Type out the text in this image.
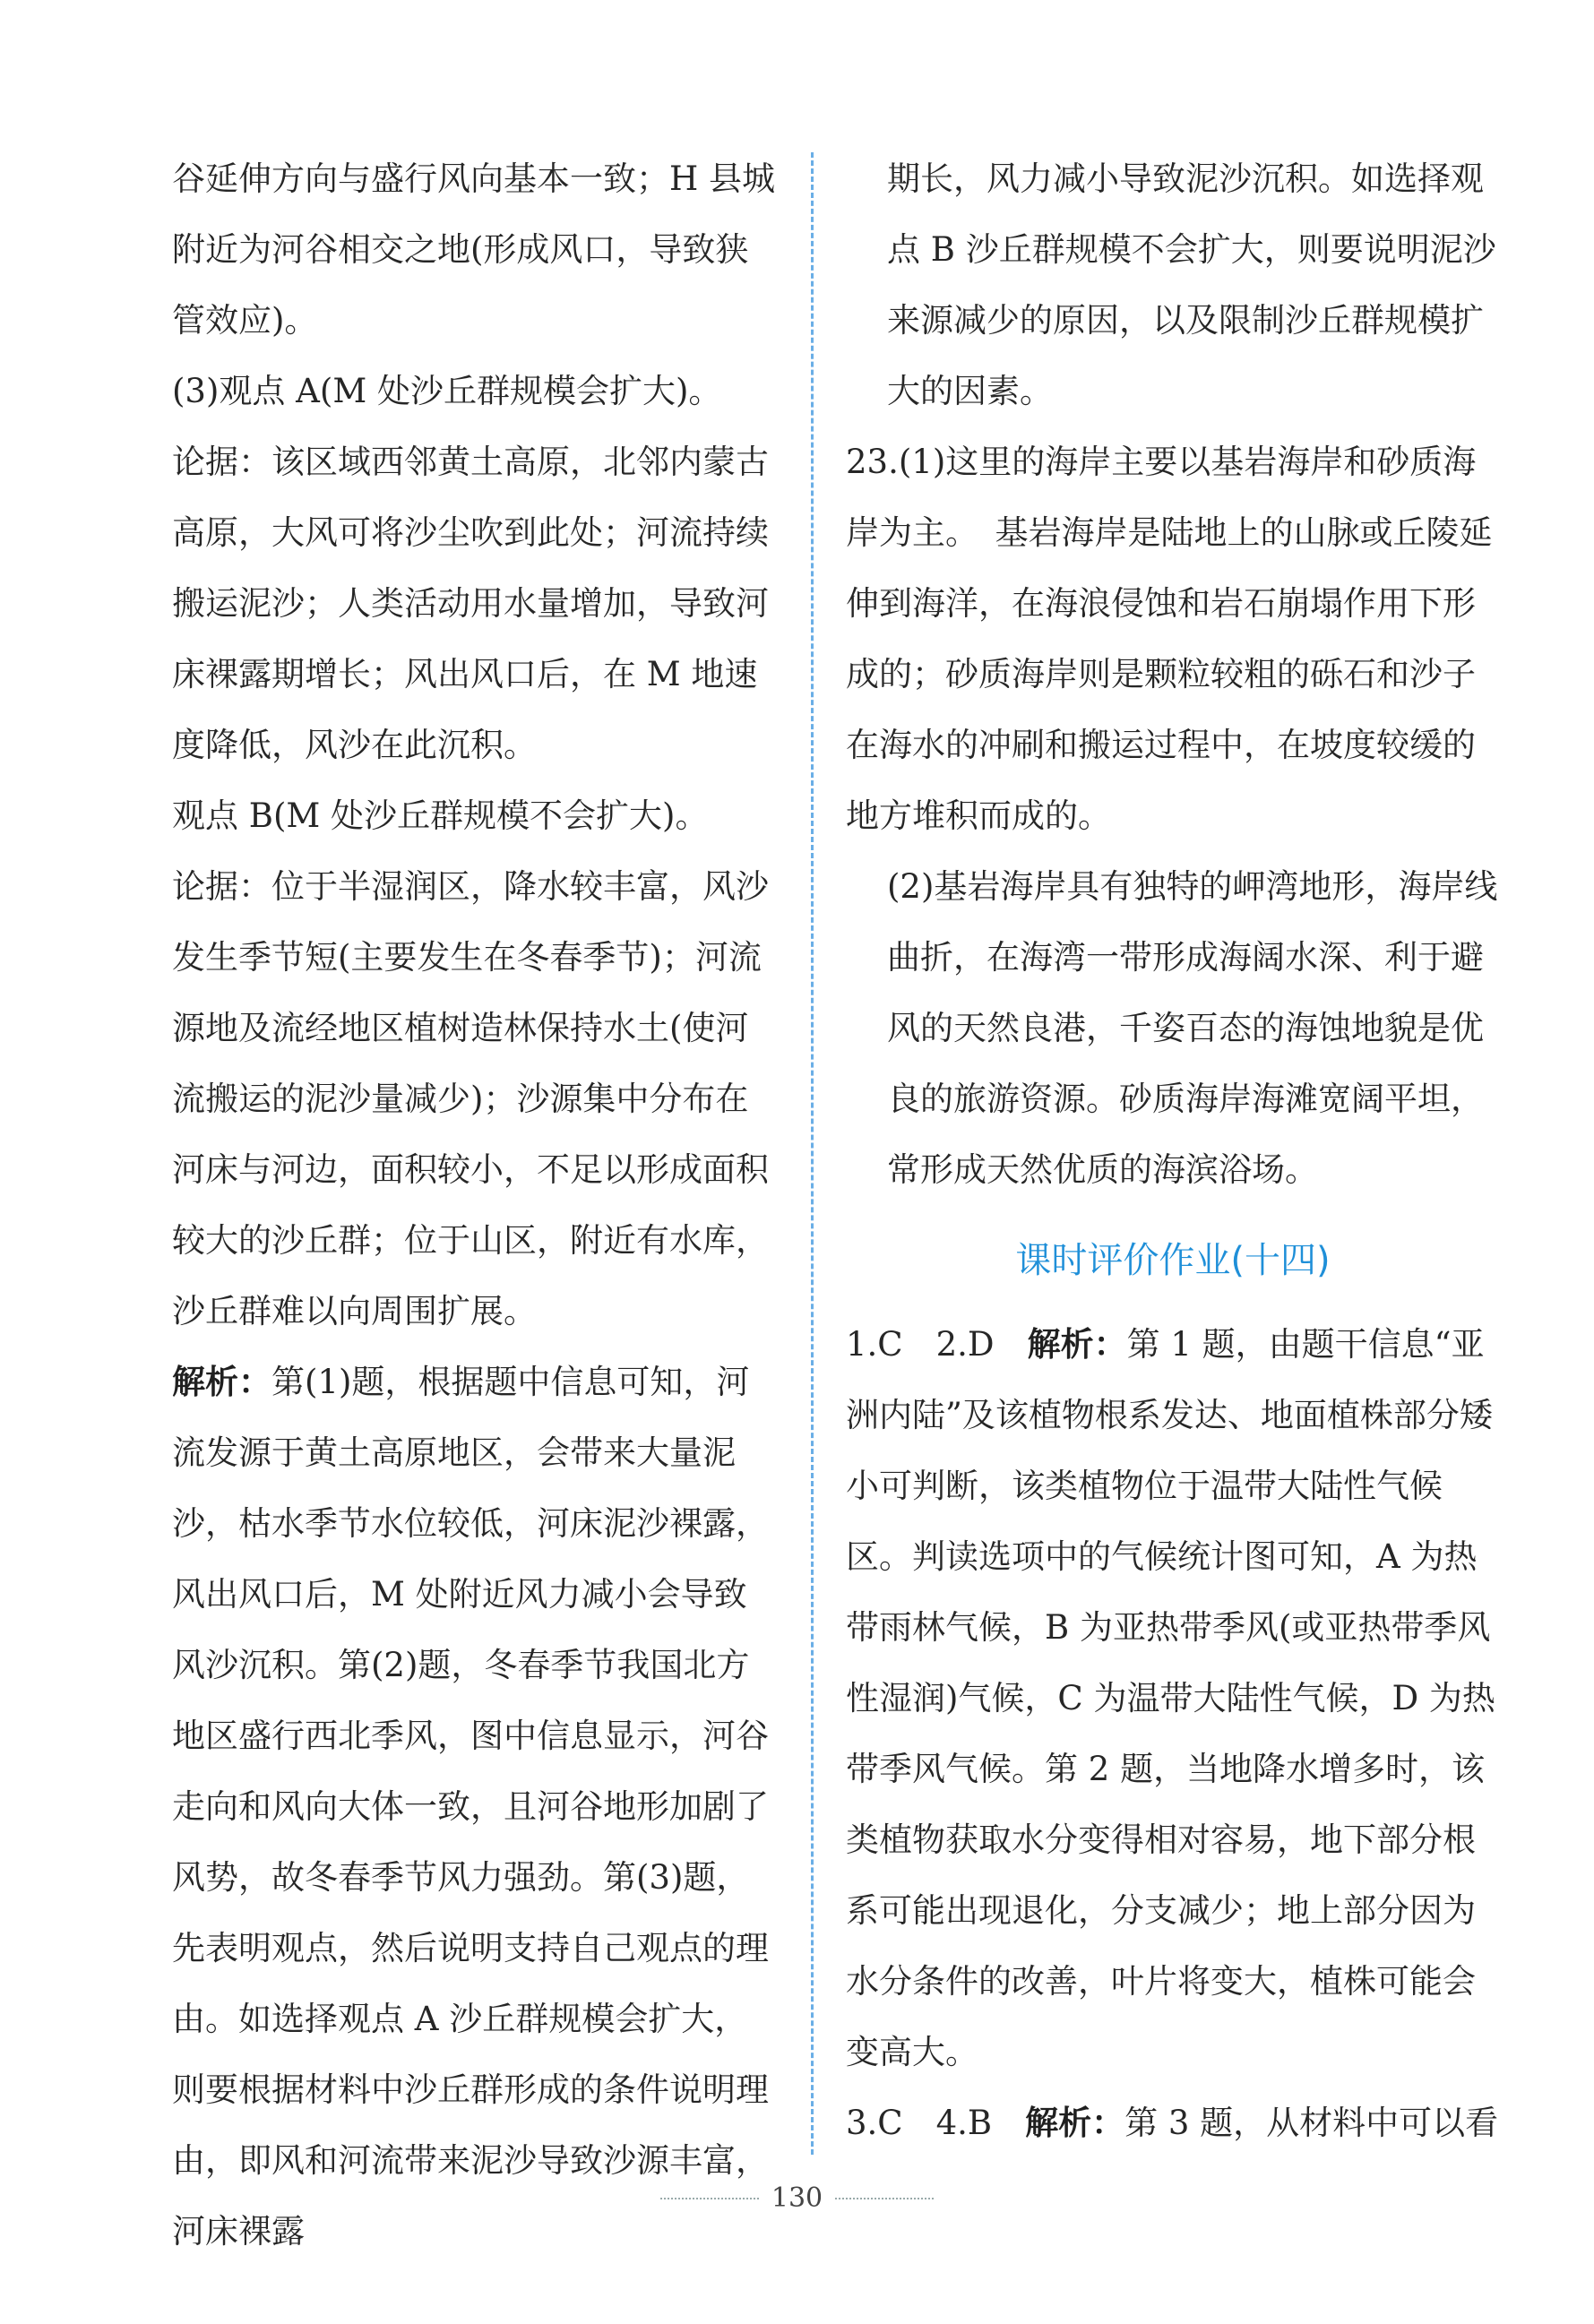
谷延伸方向与盛行风向基本一致；H 县城附近为河谷相交之地(形成风口，导致狭管效应)。

(3)观点 A(M 处沙丘群规模会扩大)。

论据：该区域西邻黄土高原，北邻内蒙古高原，大风可将沙尘吹到此处；河流持续搬运泥沙；人类活动用水量增加，导致河床裸露期增长；风出风口后，在 M 地速度降低，风沙在此沉积。

观点 B(M 处沙丘群规模不会扩大)。

论据：位于半湿润区，降水较丰富，风沙发生季节短(主要发生在冬春季节)；河流源地及流经地区植树造林保持水土(使河流搬运的泥沙量减少)；沙源集中分布在河床与河边，面积较小，不足以形成面积较大的沙丘群；位于山区，附近有水库，沙丘群难以向周围扩展。

解析：第(1)题，根据题中信息可知，河流发源于黄土高原地区，会带来大量泥沙，枯水季节水位较低，河床泥沙裸露，风出风口后，M 处附近风力减小会导致风沙沉积。第(2)题，冬春季节我国北方地区盛行西北季风，图中信息显示，河谷走向和风向大体一致，且河谷地形加剧了风势，故冬春季节风力强劲。第(3)题，先表明观点，然后说明支持自己观点的理由。如选择观点 A 沙丘群规模会扩大，则要根据材料中沙丘群形成的条件说明理由，即风和河流带来泥沙导致沙源丰富，河床裸露

期长，风力减小导致泥沙沉积。如选择观点 B 沙丘群规模不会扩大，则要说明泥沙来源减少的原因，以及限制沙丘群规模扩大的因素。

23.(1)这里的海岸主要以基岩海岸和砂质海岸为主。　基岩海岸是陆地上的山脉或丘陵延伸到海洋，在海浪侵蚀和岩石崩塌作用下形成的；砂质海岸则是颗粒较粗的砾石和沙子在海水的冲刷和搬运过程中，在坡度较缓的地方堆积而成的。

(2)基岩海岸具有独特的岬湾地形，海岸线曲折，在海湾一带形成海阔水深、利于避风的天然良港，千姿百态的海蚀地貌是优良的旅游资源。砂质海岸海滩宽阔平坦，常形成天然优质的海滨浴场。

课时评价作业(十四)

1.C　2.D　解析：第 1 题，由题干信息“亚洲内陆”及该植物根系发达、地面植株部分矮小可判断，该类植物位于温带大陆性气候区。判读选项中的气候统计图可知，A 为热带雨林气候，B 为亚热带季风(或亚热带季风性湿润)气候，C 为温带大陆性气候，D 为热带季风气候。第 2 题，当地降水增多时，该类植物获取水分变得相对容易，地下部分根系可能出现退化，分支减少；地上部分因为水分条件的改善，叶片将变大，植株可能会变高大。

3.C　4.B　解析：第 3 题，从材料中可以看

130
